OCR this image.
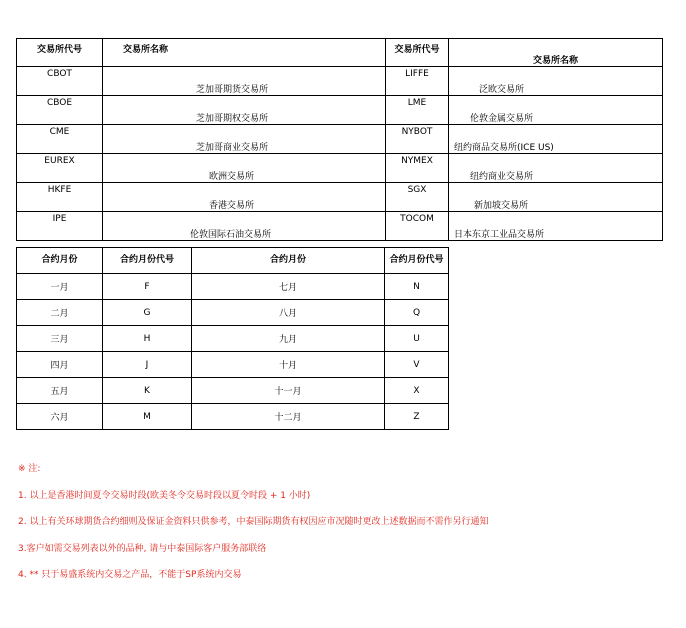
交易所代号	交易所名称	交易所代号	交易所名称
CBOT	芝加哥期货交易所	LIFFE	泛欧交易所
CBOE	芝加哥期权交易所	LME	伦敦金属交易所
CME	芝加哥商业交易所	NYBOT	纽约商品交易所(ICE US)
EUREX	欧洲交易所	NYMEX	纽约商业交易所
HKFE	香港交易所	SGX	新加坡交易所
IPE	伦敦国际石油交易所	TOCOM	日本东京工业品交易所
合约月份	合约月份代号	合约月份	合约月份代号
一月	F	七月	N
二月	G	八月	Q
三月	H	九月	U
四月	J	十月	V
五月	K	十一月	X
六月	M	十二月	Z
※ 注:
1. 以上是香港时间夏令交易时段(欧美冬令交易时段以夏令时段 + 1 小时)
2. 以上有关环球期货合约细则及保证金资料只供参考，中泰国际期货有权因应市况随时更改上述数据而不需作另行通知
3.客户如需交易列表以外的品种, 请与中泰国际客户服务部联络
4. ** 只于易盛系统内交易之产品，不能于SP系统内交易
